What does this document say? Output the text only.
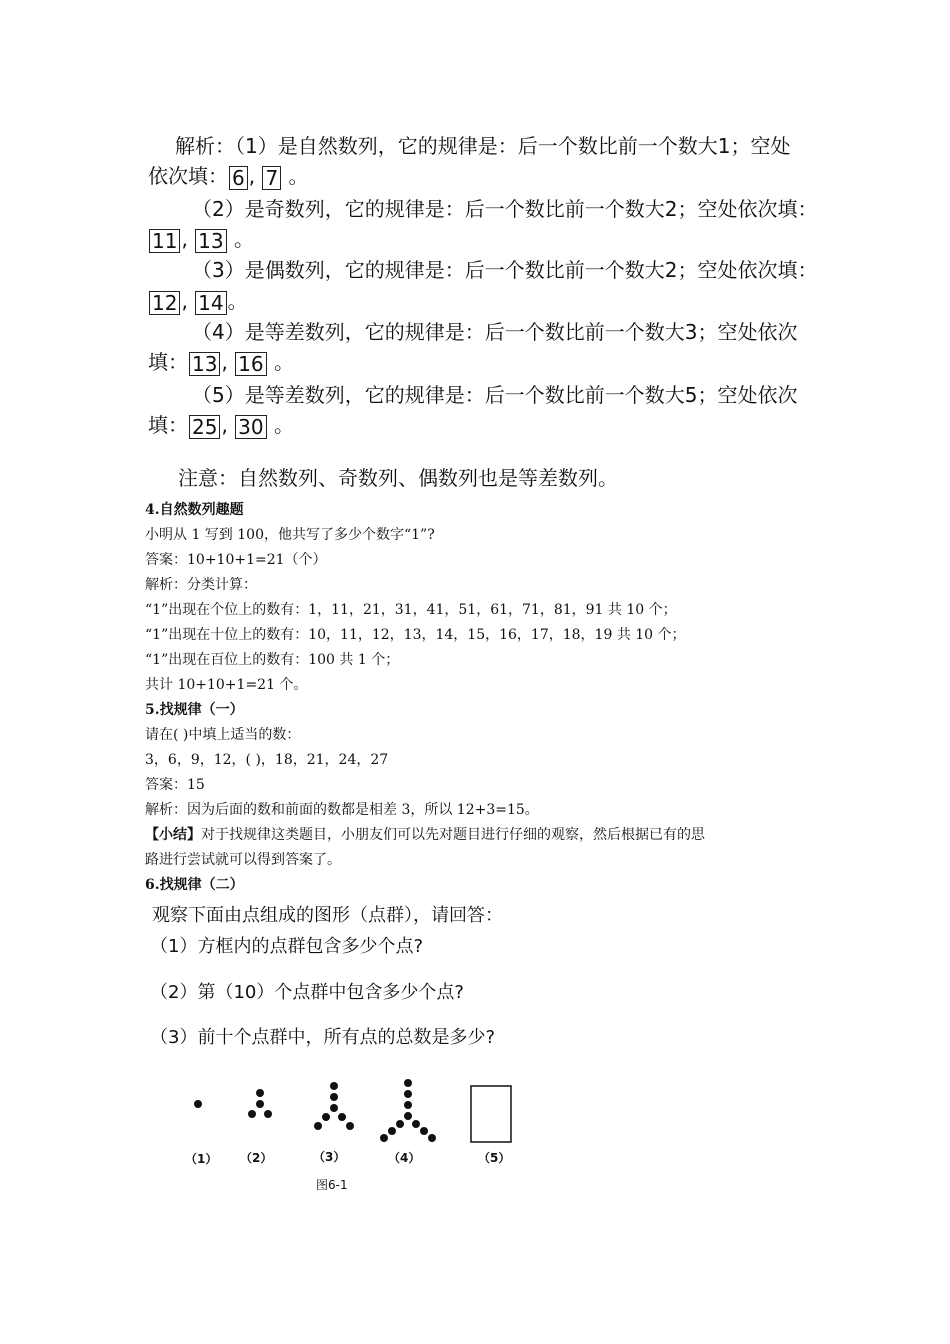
解析：（1）是自然数列，它的规律是：后一个数比前一个数大1；空处
依次填： 6 , 7 。
（2）是奇数列，它的规律是：后一个数比前一个数大2；空处依次填：
11 , 13 。
（3）是偶数列，它的规律是：后一个数比前一个数大2；空处依次填：
12 , 14 。
（4）是等差数列，它的规律是：后一个数比前一个数大3；空处依次
填： 13 , 16 。
（5）是等差数列，它的规律是：后一个数比前一个数大5；空处依次
填： 25 , 30 。
注意：自然数列、奇数列、偶数列也是等差数列。
4.自然数列趣题
小明从 1 写到 100，他共写了多少个数字“1”?
答案：10+10+1=21（个）
解析：分类计算：
“1”出现在个位上的数有：1，11，21，31，41，51，61，71，81，91 共 10 个；
“1”出现在十位上的数有：10，11，12，13，14，15，16，17，18，19 共 10 个；
“1”出现在百位上的数有：100 共 1 个；
共计 10+10+1=21 个。
5.找规律（一）
请在( )中填上适当的数：
3，6，9，12，( )，18，21，24，27
答案：15
解析：因为后面的数和前面的数都是相差 3，所以 12+3=15。
【小结】对于找规律这类题目，小朋友们可以先对题目进行仔细的观察，然后根据已有的思
路进行尝试就可以得到答案了。
6.找规律（二）
观察下面由点组成的图形（点群），请回答：
（1）方框内的点群包含多少个点?
（2）第（10）个点群中包含多少个点?
（3）前十个点群中，所有点的总数是多少?
（1） （2）	（3）	（4）	（5）
图6-1
